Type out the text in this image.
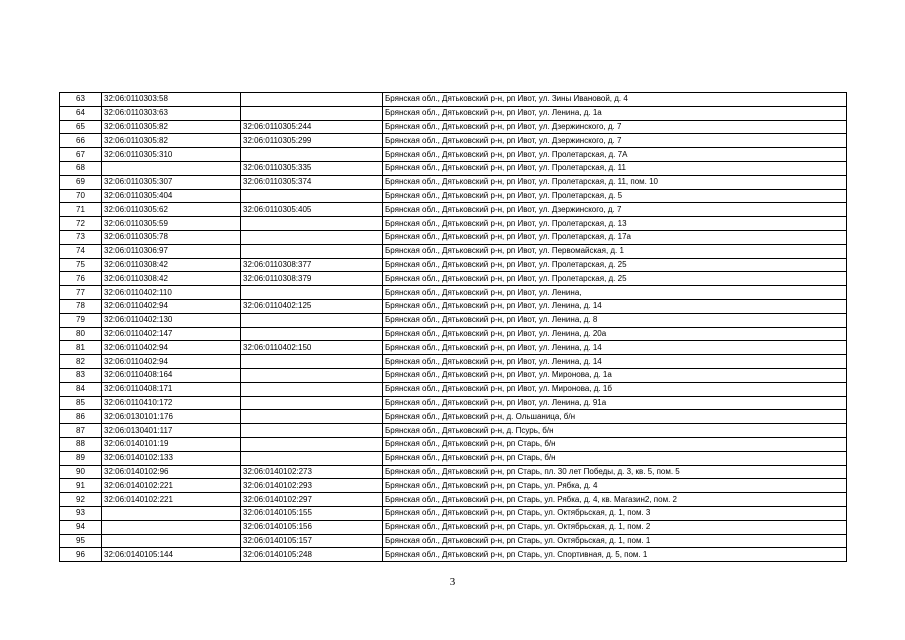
63	32:06:0110303:58		Брянская обл., Дятьковский р-н, рп Ивот, ул. Зины Ивановой, д. 4
64	32:06:0110303:63		Брянская обл., Дятьковский р-н, рп Ивот, ул. Ленина, д. 1а
65	32:06:0110305:82	32:06:0110305:244	Брянская обл., Дятьковский р-н, рп Ивот, ул. Дзержинского, д. 7
66	32:06:0110305:82	32:06:0110305:299	Брянская обл., Дятьковский р-н, рп Ивот, ул. Дзержинского, д. 7
67	32:06:0110305:310		Брянская обл., Дятьковский р-н, рп Ивот, ул. Пролетарская, д. 7А
68		32:06:0110305:335	Брянская обл., Дятьковский р-н, рп Ивот, ул. Пролетарская, д. 11
69	32:06:0110305:307	32:06:0110305:374	Брянская обл., Дятьковский р-н, рп Ивот, ул. Пролетарская, д. 11, пом. 10
70	32:06:0110305:404		Брянская обл., Дятьковский р-н, рп Ивот, ул. Пролетарская, д. 5
71	32:06:0110305:62	32:06:0110305:405	Брянская обл., Дятьковский р-н, рп Ивот, ул. Дзержинского, д. 7
72	32:06:0110305:59		Брянская обл., Дятьковский р-н, рп Ивот, ул. Пролетарская, д. 13
73	32:06:0110305:78		Брянская обл., Дятьковский р-н, рп Ивот, ул. Пролетарская, д. 17а
74	32:06:0110306:97		Брянская обл., Дятьковский р-н, рп Ивот, ул. Первомайская, д. 1
75	32:06:0110308:42	32:06:0110308:377	Брянская обл., Дятьковский р-н, рп Ивот, ул. Пролетарская, д. 25
76	32:06:0110308:42	32:06:0110308:379	Брянская обл., Дятьковский р-н, рп Ивот, ул. Пролетарская, д. 25
77	32:06:0110402:110		Брянская обл., Дятьковский р-н, рп Ивот, ул. Ленина,
78	32:06:0110402:94	32:06:0110402:125	Брянская обл., Дятьковский р-н, рп Ивот, ул. Ленина, д. 14
79	32:06:0110402:130		Брянская обл., Дятьковский р-н, рп Ивот, ул. Ленина, д. 8
80	32:06:0110402:147		Брянская обл., Дятьковский р-н, рп Ивот, ул. Ленина, д. 20а
81	32:06:0110402:94	32:06:0110402:150	Брянская обл., Дятьковский р-н, рп Ивот, ул. Ленина, д. 14
82	32:06:0110402:94		Брянская обл., Дятьковский р-н, рп Ивот, ул. Ленина, д. 14
83	32:06:0110408:164		Брянская обл., Дятьковский р-н, рп Ивот, ул. Миронова, д. 1а
84	32:06:0110408:171		Брянская обл., Дятьковский р-н, рп Ивот, ул. Миронова, д. 1б
85	32:06:0110410:172		Брянская обл., Дятьковский р-н, рп Ивот, ул. Ленина, д. 91а
86	32:06:0130101:176		Брянская обл., Дятьковский р-н, д. Ольшаница, б/н
87	32:06:0130401:117		Брянская обл., Дятьковский р-н, д. Псурь, б/н
88	32:06:0140101:19		Брянская обл., Дятьковский р-н, рп Старь, б/н
89	32:06:0140102:133		Брянская обл., Дятьковский р-н, рп Старь, б/н
90	32:06:0140102:96	32:06:0140102:273	Брянская обл., Дятьковский р-н, рп Старь, пл. 30 лет Победы, д. 3, кв. 5, пом. 5
91	32:06:0140102:221	32:06:0140102:293	Брянская обл., Дятьковский р-н, рп Старь, ул. Рябка, д. 4
92	32:06:0140102:221	32:06:0140102:297	Брянская обл., Дятьковский р-н, рп Старь, ул. Рябка, д. 4, кв. Магазин2, пом. 2
93		32:06:0140105:155	Брянская обл., Дятьковский р-н, рп Старь, ул. Октябрьская, д. 1, пом. 3
94		32:06:0140105:156	Брянская обл., Дятьковский р-н, рп Старь, ул. Октябрьская, д. 1, пом. 2
95		32:06:0140105:157	Брянская обл., Дятьковский р-н, рп Старь, ул. Октябрьская, д. 1, пом. 1
96	32:06:0140105:144	32:06:0140105:248	Брянская обл., Дятьковский р-н, рп Старь, ул. Спортивная, д. 5, пом. 1
3
